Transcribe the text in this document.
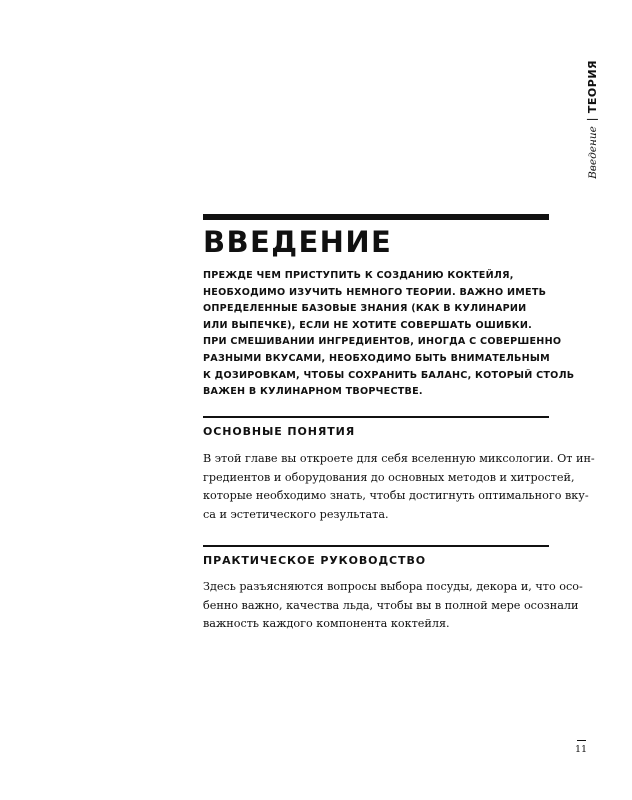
Введение
ТЕОРИЯ
ВВЕДЕНИЕ
ПРЕЖДЕ ЧЕМ ПРИСТУПИТЬ К СОЗДАНИЮ КОКТЕЙЛЯ,
НЕОБХОДИМО ИЗУЧИТЬ НЕМНОГО ТЕОРИИ. ВАЖНО ИМЕТЬ
ОПРЕДЕЛЕННЫЕ БАЗОВЫЕ ЗНАНИЯ (КАК В КУЛИНАРИИ
ИЛИ ВЫПЕЧКЕ), ЕСЛИ НЕ ХОТИТЕ СОВЕРШАТЬ ОШИБКИ.
ПРИ СМЕШИВАНИИ ИНГРЕДИЕНТОВ, ИНОГДА С СОВЕРШЕННО
РАЗНЫМИ ВКУСАМИ, НЕОБХОДИМО БЫТЬ ВНИМАТЕЛЬНЫМ
К ДОЗИРОВКАМ, ЧТОБЫ СОХРАНИТЬ БАЛАНС, КОТОРЫЙ СТОЛЬ
ВАЖЕН В КУЛИНАРНОМ ТВОРЧЕСТВЕ.
ОСНОВНЫЕ ПОНЯТИЯ
В этой главе вы откроете для себя вселенную миксологии. От ин-
гредиентов и оборудования до основных методов и хитростей,
которые необходимо знать, чтобы достигнуть оптимального вку-
са и эстетического результата.
ПРАКТИЧЕСКОЕ РУКОВОДСТВО
Здесь разъясняются вопросы выбора посуды, декора и, что осо-
бенно важно, качества льда, чтобы вы в полной мере осознали
важность каждого компонента коктейля.
11
